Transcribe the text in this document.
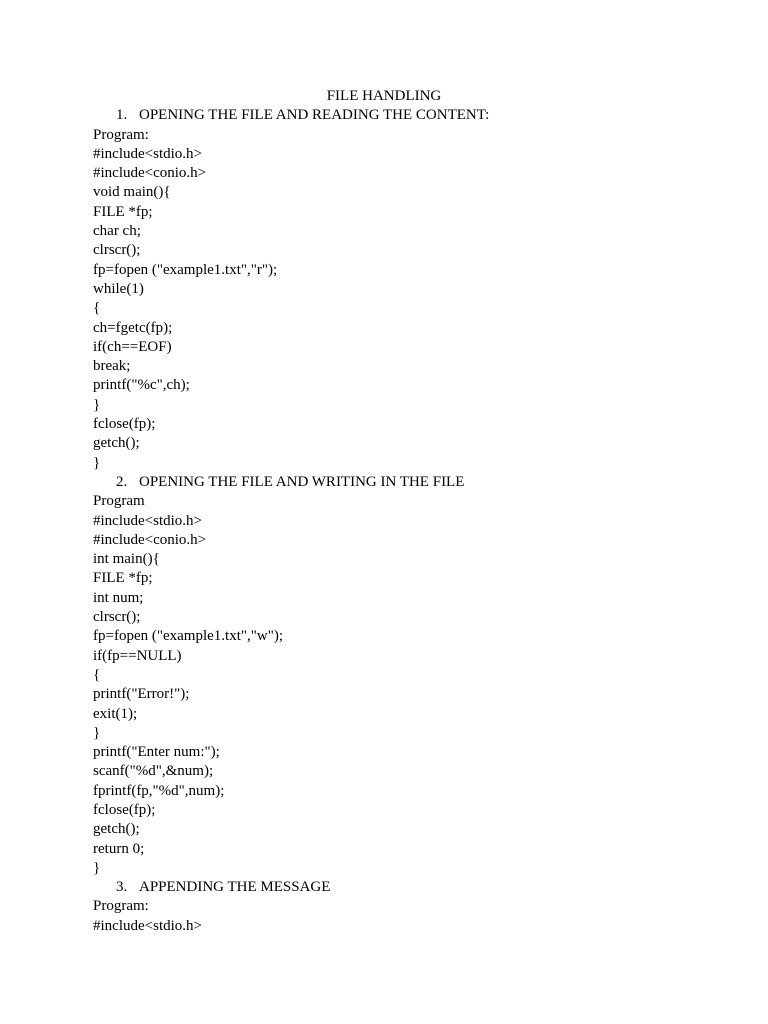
FILE HANDLING
1. OPENING THE FILE AND READING THE CONTENT:
Program:
#include<stdio.h>
#include<conio.h>
void main(){
FILE *fp;
char ch;
clrscr();
fp=fopen ("example1.txt","r");
while(1)
{
ch=fgetc(fp);
if(ch==EOF)
break;
printf("%c",ch);
}
fclose(fp);
getch();
}
2. OPENING THE FILE AND WRITING IN THE FILE
Program
#include<stdio.h>
#include<conio.h>
int main(){
FILE *fp;
int num;
clrscr();
fp=fopen ("example1.txt","w");
if(fp==NULL)
{
printf("Error!");
exit(1);
}
printf("Enter num:");
scanf("%d",&num);
fprintf(fp,"%d",num);
fclose(fp);
getch();
return 0;
}
3. APPENDING THE MESSAGE
Program:
#include<stdio.h>
